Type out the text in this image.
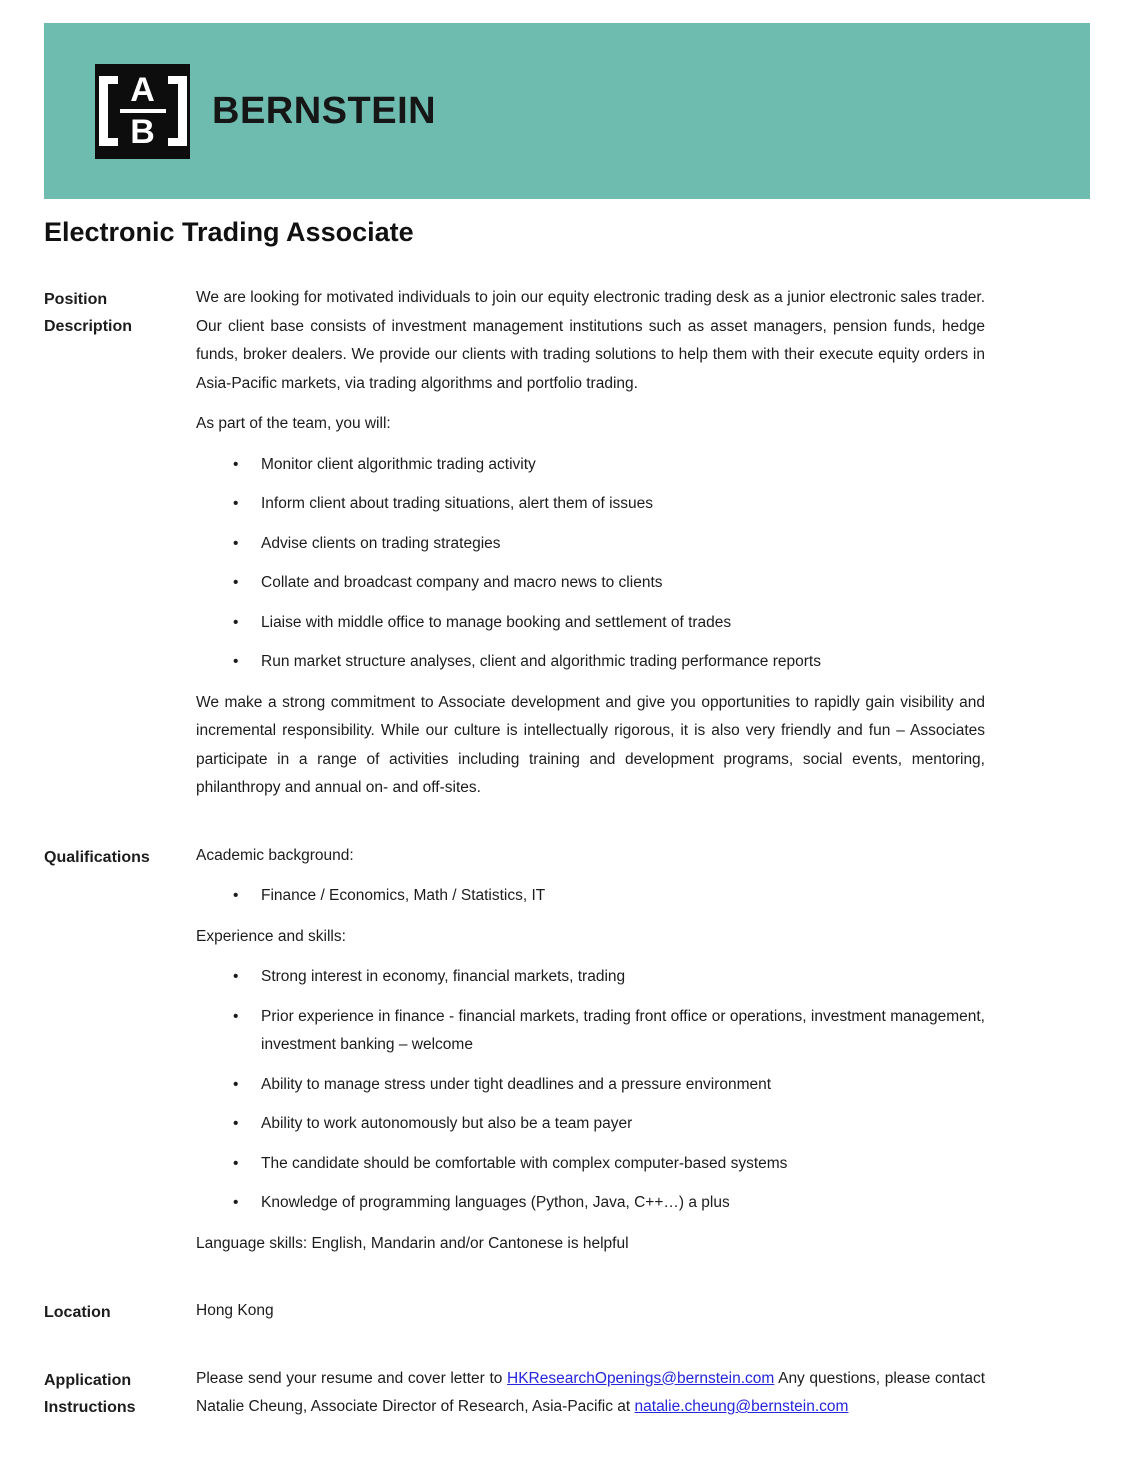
A
B
BERNSTEIN
Electronic Trading Associate
Position
Description

We are looking for motivated individuals to join our equity electronic trading desk as a junior electronic sales trader. Our client base consists of investment management institutions such as asset managers, pension funds, hedge funds, broker dealers. We provide our clients with trading solutions to help them with their execute equity orders in Asia-Pacific markets, via trading algorithms and portfolio trading.

As part of the team, you will:

• Monitor client algorithmic trading activity
• Inform client about trading situations, alert them of issues
• Advise clients on trading strategies
• Collate and broadcast company and macro news to clients
• Liaise with middle office to manage booking and settlement of trades
• Run market structure analyses, client and algorithmic trading performance reports

We make a strong commitment to Associate development and give you opportunities to rapidly gain visibility and incremental responsibility. While our culture is intellectually rigorous, it is also very friendly and fun – Associates participate in a range of activities including training and development programs, social events, mentoring, philanthropy and annual on- and off-sites.

Qualifications	Academic background:

• Finance / Economics, Math / Statistics, IT

Experience and skills:

• Strong interest in economy, financial markets, trading
• Prior experience in finance - financial markets, trading front office or operations, investment management, investment banking – welcome
• Ability to manage stress under tight deadlines and a pressure environment
• Ability to work autonomously but also be a team payer
• The candidate should be comfortable with complex computer-based systems
• Knowledge of programming languages (Python, Java, C++…) a plus

Language skills: English, Mandarin and/or Cantonese is helpful

Location	Hong Kong

Application
Instructions

Please send your resume and cover letter to HKResearchOpenings@bernstein.com Any questions, please contact Natalie Cheung, Associate Director of Research, Asia-Pacific at natalie.cheung@bernstein.com
